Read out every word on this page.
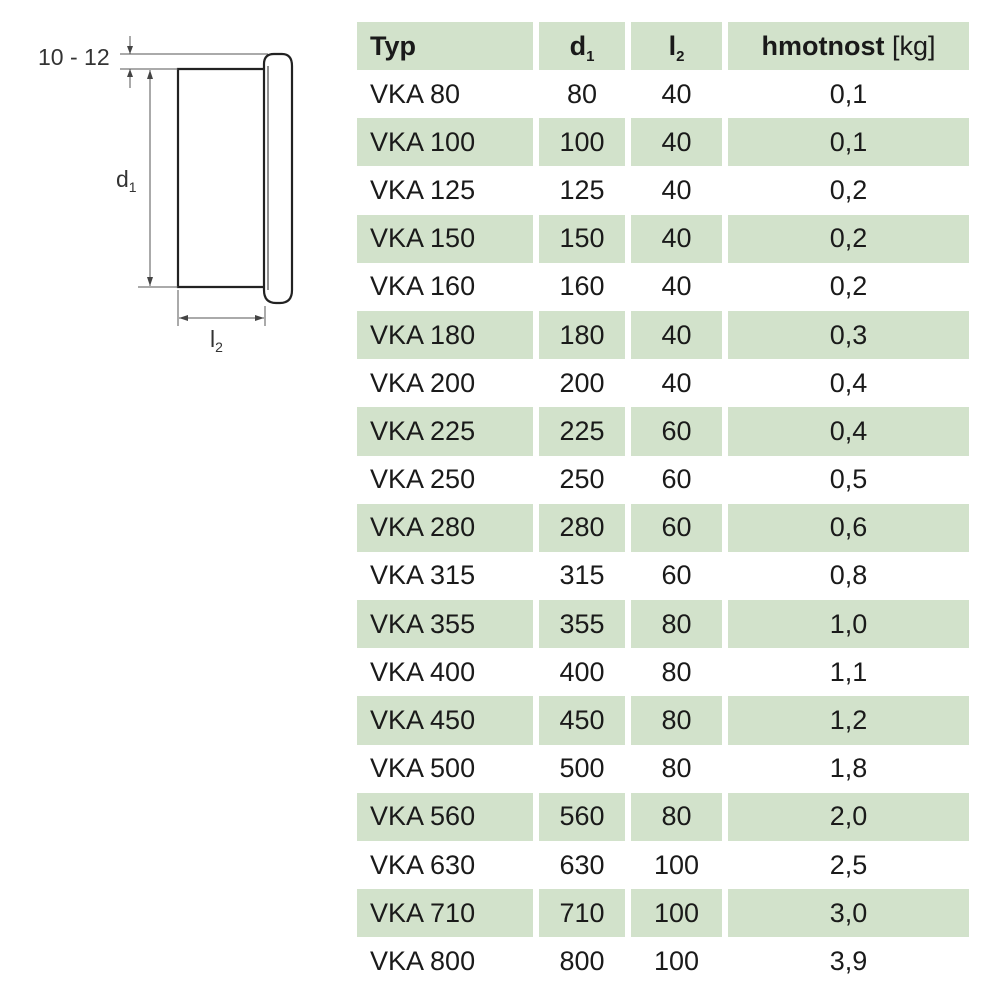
10 - 12
$d_1$
$l_2$
Typ	$d_1$	$l_2$	hmotnost [kg]
VKA 80	80	40	0,1
VKA 100	100	40	0,1
VKA 125	125	40	0,2
VKA 150	150	40	0,2
VKA 160	160	40	0,2
VKA 180	180	40	0,3
VKA 200	200	40	0,4
VKA 225	225	60	0,4
VKA 250	250	60	0,5
VKA 280	280	60	0,6
VKA 315	315	60	0,8
VKA 355	355	80	1,0
VKA 400	400	80	1,1
VKA 450	450	80	1,2
VKA 500	500	80	1,8
VKA 560	560	80	2,0
VKA 630	630	100	2,5
VKA 710	710	100	3,0
VKA 800	800	100	3,9
